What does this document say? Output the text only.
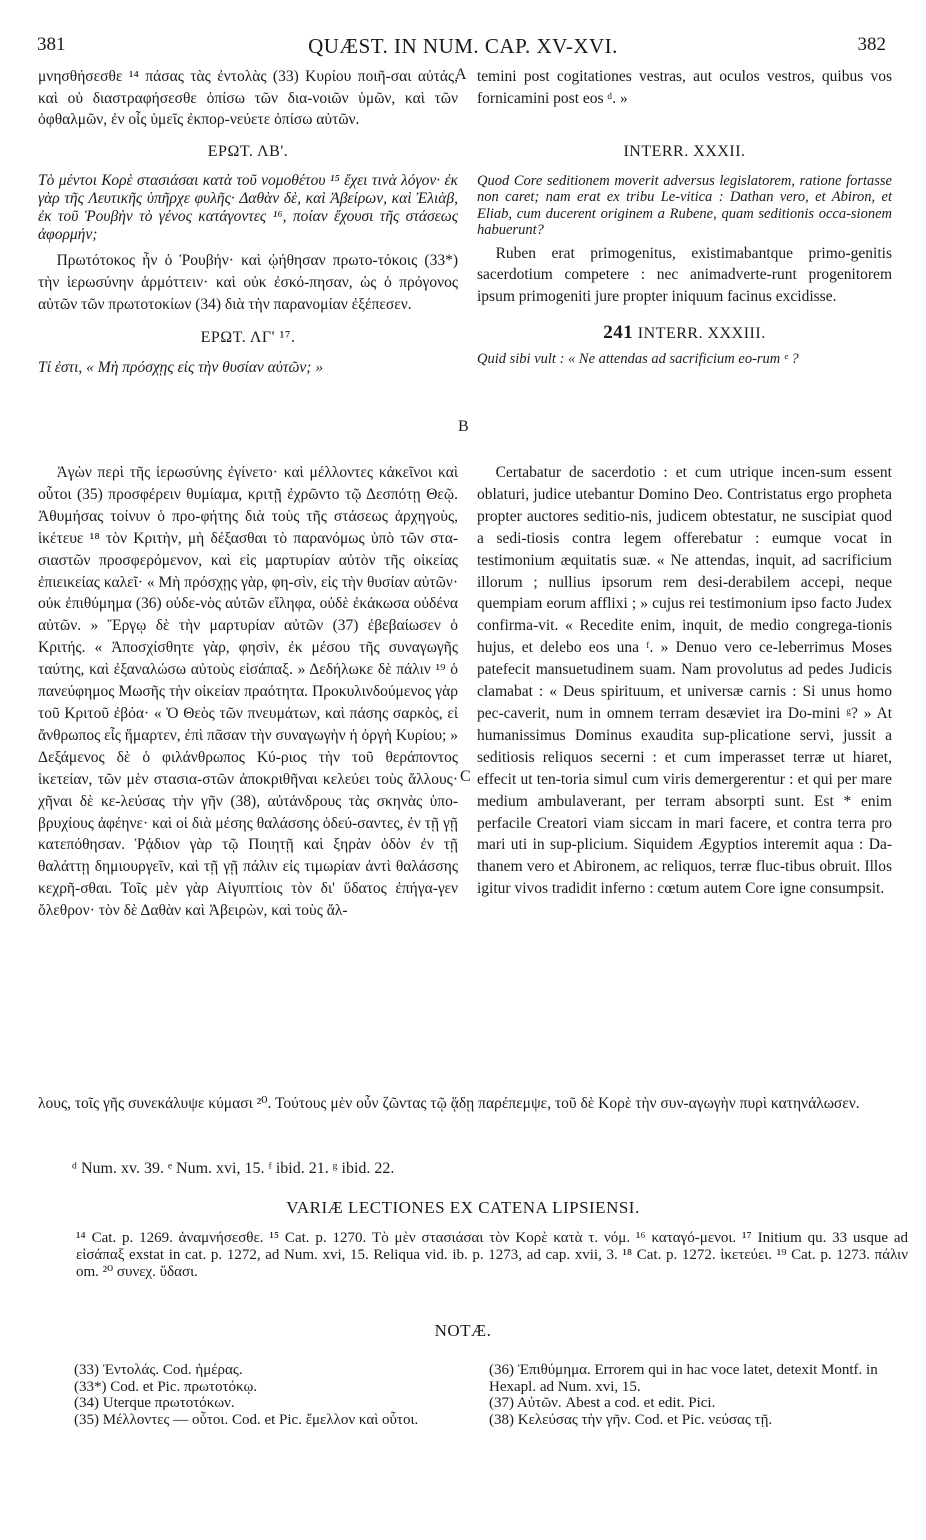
381	QUÆST. IN NUM. CAP. XV-XVI.	382
A
B
C

μνησθήσεσθε ¹⁴ πάσας τὰς ἐντολὰς (33) Κυρίου ποιῆ-σαι αὐτάς, καὶ οὐ διαστραφήσεσθε ὀπίσω τῶν δια-νοιῶν ὑμῶν, καὶ τῶν ὀφθαλμῶν, ἐν οἷς ὑμεῖς ἐκπορ-νεύετε ὀπίσω αὐτῶν.

ΕΡΩΤ. ΛΒ'.

Τὸ μέντοι Κορὲ στασιάσαι κατὰ τοῦ νομοθέτου ¹⁵ ἔχει τινὰ λόγον· ἐκ γὰρ τῆς Λευτικῆς ὑπῆρχε φυλῆς· Δαθὰν δὲ, καὶ Ἀβείρων, καὶ Ἐλιὰβ, ἐκ τοῦ Ῥουβὴν τὸ γένος κατάγοντες ¹⁶, ποίαν ἔχουσι τῆς στάσεως ἀφορμήν;

Πρωτότοκος ἦν ὁ Ῥουβήν· καὶ ᾠήθησαν πρωτο-τόκοις (33*) τὴν ἱερωσύνην ἁρμόττειν· καὶ οὐκ ἐσκό-πησαν, ὡς ὁ πρόγονος αὐτῶν τῶν πρωτοτοκίων (34) διὰ τὴν παρανομίαν ἐξέπεσεν.

ΕΡΩΤ. ΛΓ' ¹⁷.

Τί ἐστι, « Μὴ πρόσχῃς εἰς τὴν θυσίαν αὐτῶν; »

Ἀγὼν περὶ τῆς ἱερωσύνης ἐγίνετο· καὶ μέλλοντες κἀκεῖνοι καὶ οὗτοι (35) προσφέρειν θυμίαμα, κριτῇ ἐχρῶντο τῷ Δεσπότῃ Θεῷ. Ἀθυμήσας τοίνυν ὁ προ-φήτης διὰ τοὺς τῆς στάσεως ἀρχηγοὺς, ἱκέτευε ¹⁸ τὸν Κριτὴν, μὴ δέξασθαι τὸ παρανόμως ὑπὸ τῶν στα-σιαστῶν προσφερόμενον, καὶ εἰς μαρτυρίαν αὐτὸν τῆς οἰκείας ἐπιεικείας καλεῖ· « Μὴ πρόσχῃς γὰρ, φη-σὶν, εἰς τὴν θυσίαν αὐτῶν· οὐκ ἐπιθύμημα (36) οὐδε-νὸς αὐτῶν εἴληφα, οὐδὲ ἐκάκωσα οὐδένα αὐτῶν. » Ἔργῳ δὲ τὴν μαρτυρίαν αὐτῶν (37) ἐβεβαίωσεν ὁ Κριτής. « Ἀποσχίσθητε γὰρ, φησὶν, ἐκ μέσου τῆς συναγωγῆς ταύτης, καὶ ἐξαναλώσω αὐτοὺς εἰσάπαξ. » Δεδήλωκε δὲ πάλιν ¹⁹ ὁ πανεύφημος Μωσῆς τὴν οἰκείαν πραότητα. Προκυλινδούμενος γὰρ τοῦ Κριτοῦ ἐβόα· « Ὁ Θεὸς τῶν πνευμάτων, καὶ πάσης σαρκὸς, εἰ ἄνθρωπος εἷς ἥμαρτεν, ἐπὶ πᾶσαν τὴν συναγωγὴν ἡ ὀργὴ Κυρίου; » Δεξάμενος δὲ ὁ φιλάνθρωπος Κύ-ριος τὴν τοῦ θεράποντος ἱκετείαν, τῶν μὲν στασια-στῶν ἀποκριθῆναι κελεύει τοὺς ἄλλους· χῆναι δὲ κε-λεύσας τὴν γῆν (38), αὐτάνδρους τὰς σκηνὰς ὑπο-βρυχίους ἀφέηνε· καὶ οἱ διὰ μέσης θαλάσσης ὁδεύ-σαντες, ἐν τῇ γῇ κατεπόθησαν. Ῥᾴδιον γὰρ τῷ Ποιητῇ καὶ ξηρὰν ὁδὸν ἐν τῇ θαλάττῃ δημιουργεῖν, καὶ τῇ γῇ πάλιν εἰς τιμωρίαν ἀντὶ θαλάσσης κεχρῆ-σθαι. Τοῖς μὲν γὰρ Αἰγυπτίοις τὸν δι' ὕδατος ἐπήγα-γεν ὄλεθρον· τὸν δὲ Δαθὰν καὶ Ἀβειρὼν, καὶ τοὺς ἄλ-

λους, τοῖς γῆς συνεκάλυψε κύμασι ²⁰. Τούτους μὲν οὖν ζῶντας τῷ ᾅδῃ παρέπεμψε, τοῦ δὲ Κορὲ τὴν συν-αγωγὴν πυρὶ κατηνάλωσεν.

temini post cogitationes vestras, aut oculos vestros, quibus vos fornicamini post eos ᵈ. »

INTERR. XXXII.

Quod Core seditionem moverit adversus legislatorem, ratione fortasse non caret; nam erat ex tribu Le-vitica : Dathan vero, et Abiron, et Eliab, cum ducerent originem a Rubene, quam seditionis occa-sionem habuerunt?

Ruben erat primogenitus, existimabantque primo-genitis sacerdotium competere : nec animadverte-runt progenitorem ipsum primogeniti jure propter iniquum facinus excidisse.

241 INTERR. XXXIII.

Quid sibi vult : « Ne attendas ad sacrificium eo-rum ᵉ ?

Certabatur de sacerdotio : et cum utrique incen-sum essent oblaturi, judice utebantur Domino Deo. Contristatus ergo propheta propter auctores seditio-nis, judicem obtestatur, ne suscipiat quod a sedi-tiosis contra legem offerebatur : eumque vocat in testimonium æquitatis suæ. « Ne attendas, inquit, ad sacrificium illorum ; nullius ipsorum rem desi-derabilem accepi, neque quempiam eorum afflixi ; » cujus rei testimonium ipso facto Judex confirma-vit. « Recedite enim, inquit, de medio congrega-tionis hujus, et delebo eos una ᶠ. » Denuo vero ce-leberrimus Moses patefecit mansuetudinem suam. Nam provolutus ad pedes Judicis clamabat : « Deus spirituum, et universæ carnis : Si unus homo pec-caverit, num in omnem terram desæviet ira Do-mini ᵍ? » At humanissimus Dominus exaudita sup-plicatione servi, jussit a seditiosis reliquos secerni : et cum imperasset terræ ut hiaret, effecit ut ten-toria simul cum viris demergerentur : et qui per mare medium ambulaverant, per terram absorpti sunt. Est * enim perfacile Creatori viam siccam in mari facere, et contra terra pro mari uti in sup-plicium. Siquidem Ægyptios interemit aqua : Da-thanem vero et Abironem, ac reliquos, terræ fluc-tibus obruit. Illos igitur vivos tradidit inferno : cœtum autem Core igne consumpsit.

ᵈ Num. xv. 39. ᵉ Num. xvi, 15. ᶠ ibid. 21. ᵍ ibid. 22.
VARIÆ LECTIONES EX CATENA LIPSIENSI.
¹⁴ Cat. p. 1269. ἀναμνήσεσθε. ¹⁵ Cat. p. 1270. Τὸ μὲν στασιάσαι τὸν Κορὲ κατὰ τ. νόμ. ¹⁶ καταγό-μενοι. ¹⁷ Initium qu. 33 usque ad εἰσάπαξ exstat in cat. p. 1272, ad Num. xvi, 15. Reliqua vid. ib. p. 1273, ad cap. xvii, 3. ¹⁸ Cat. p. 1272. ἱκετεύει. ¹⁹ Cat. p. 1273. πάλιν om. ²⁰ συνεχ. ὕδασι.
NOTÆ.

(33) Ἐντολάς. Cod. ἡμέρας.

(33*) Cod. et Pic. πρωτοτόκῳ.

(34) Uterque πρωτοτόκων.

(35) Μέλλοντες — οὗτοι. Cod. et Pic. ἔμελλον καὶ οὗτοι.

(36) Ἐπιθύμημα. Errorem qui in hac voce latet, detexit Montf. in Hexapl. ad Num. xvi, 15.

(37) Αὐτῶν. Abest a cod. et edit. Pici.

(38) Κελεύσας τὴν γῆν. Cod. et Pic. νεύσας τῇ.
